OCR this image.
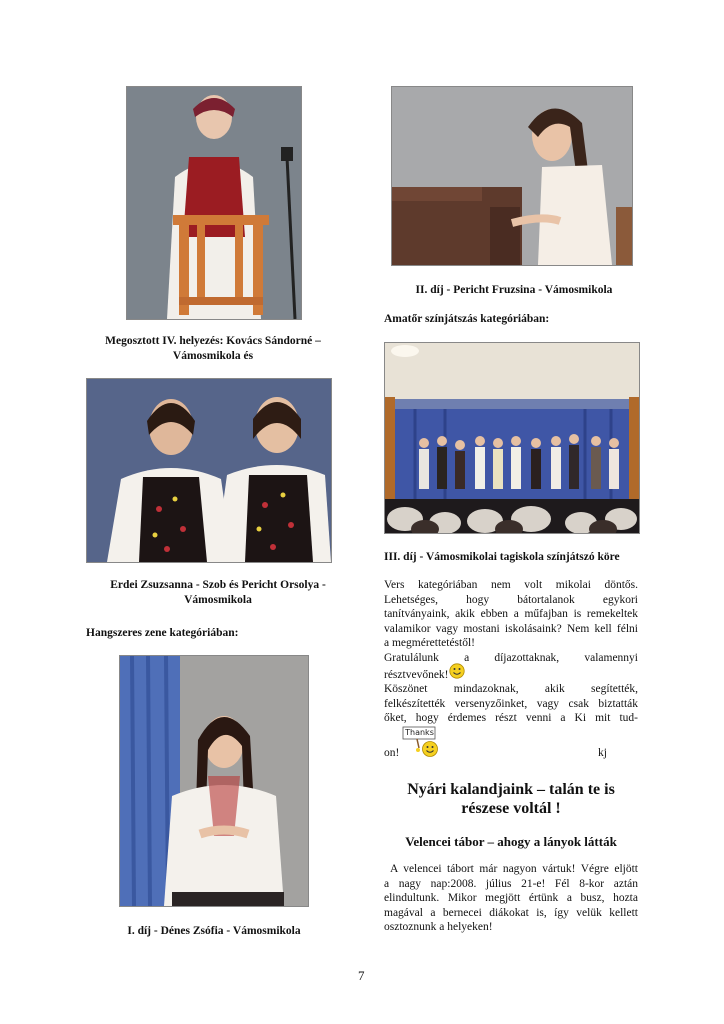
Megosztott IV. helyezés: Kovács Sándorné – Vámosmikola és
Erdei Zsuzsanna - Szob és Pericht Orsolya - Vámosmikola
I. díj - Dénes Zsófia - Vámosmikola
II. díj - Pericht Fruzsina - Vámosmikola
III. díj - Vámosmikolai tagiskola színjátszó köre
Hangszeres zene kategóriában:
Amatőr színjátszás kategóriában:
Vers kategóriában nem volt mikolai döntős.
Lehetséges, hogy bátortalanok egykori
tanítványaink, akik ebben a műfajban is remekeltek
valamikor vagy mostani iskolásaink? Nem kell félni
a megmérettetéstől!
Gratulálunk a díjazottaknak, valamennyi
résztvevőnek!
Köszönet mindazoknak, akik segítették,
felkészítették versenyzőinket, vagy csak biztatták
őket, hogy érdemes részt venni a Ki mit tud-
Thanks
on!	kj
Nyári kalandjaink – talán te is részese voltál !
Velencei tábor – ahogy a lányok látták
A velencei tábort már nagyon vártuk! Végre eljött
a nagy nap:2008. július 21-e! Fél 8-kor aztán
elindultunk. Mikor megjött értünk a busz, hozta
magával a bernecei diákokat is, így velük kellett
osztoznunk a helyeken!
7
